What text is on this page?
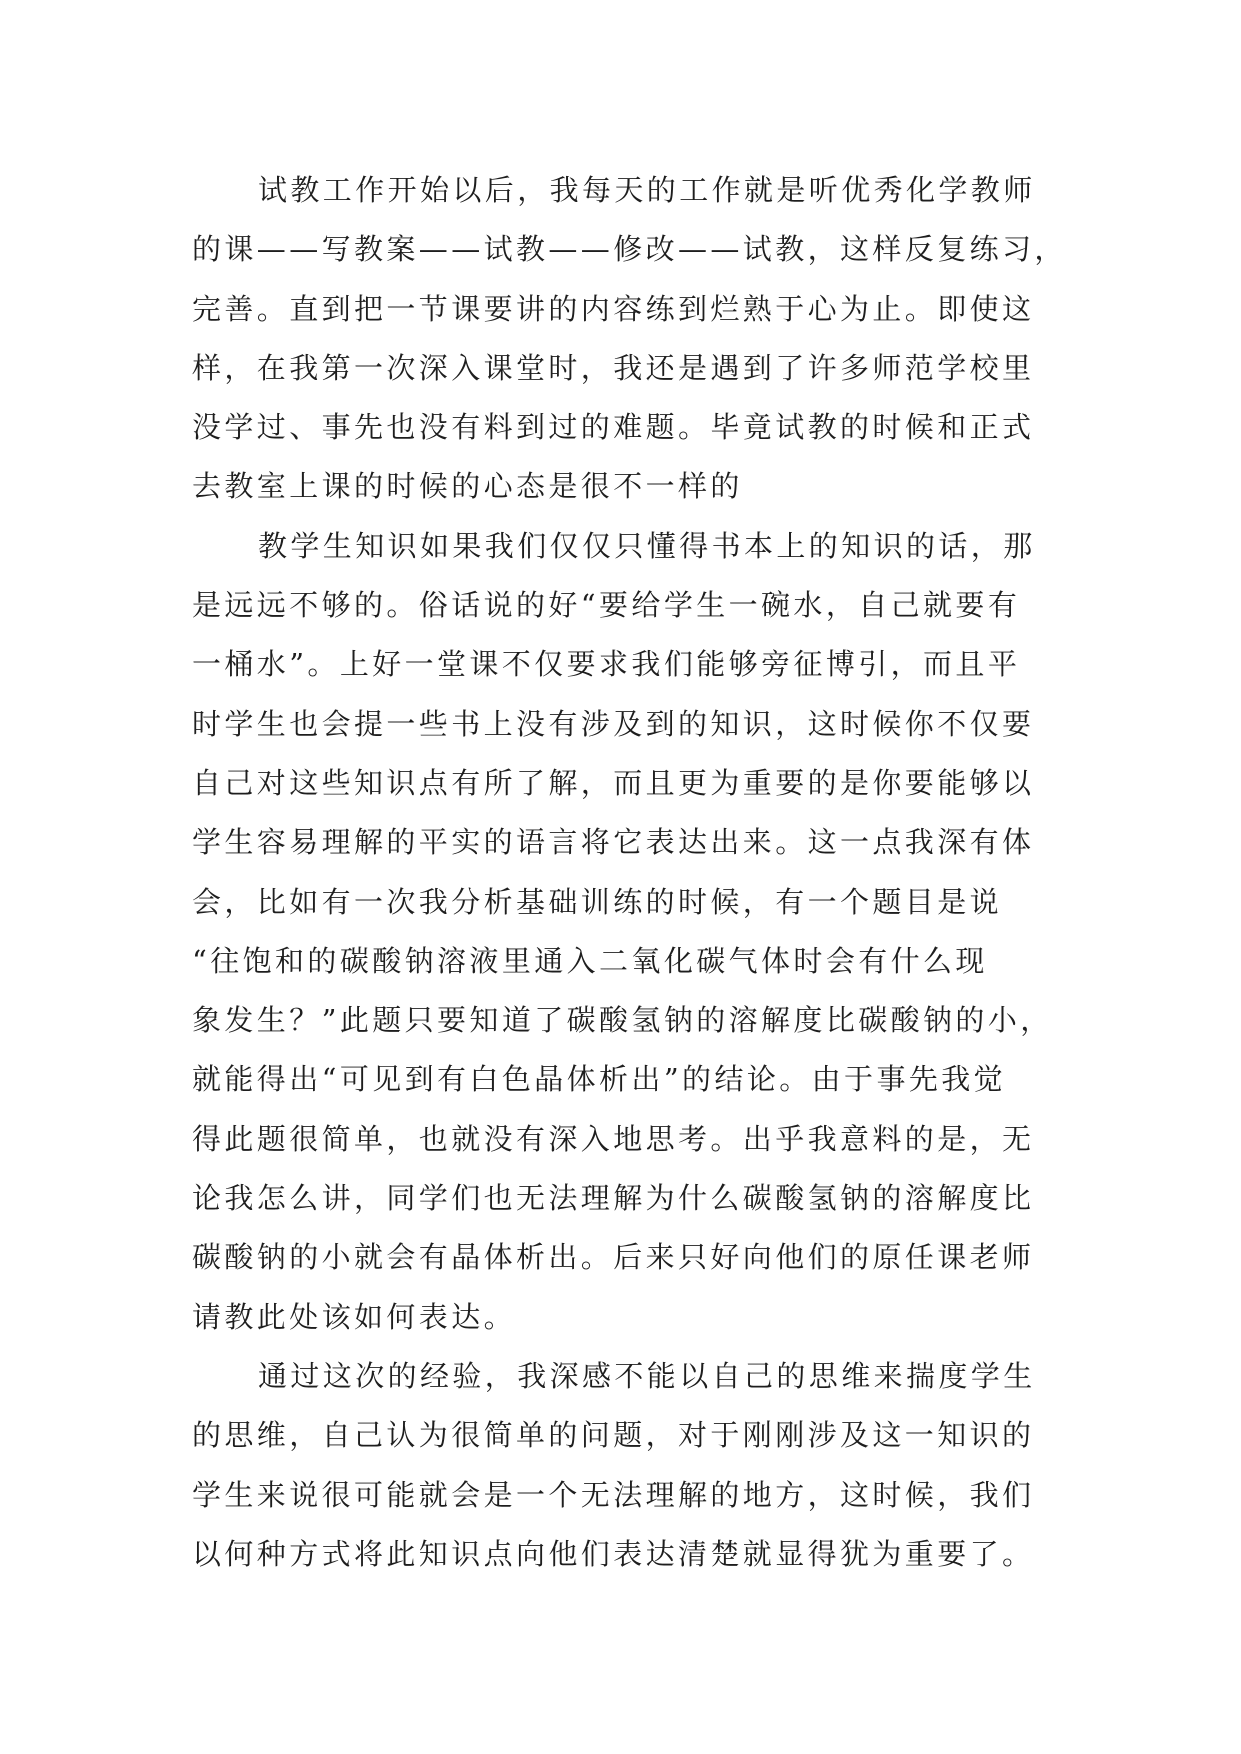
试教工作开始以后，我每天的工作就是听优秀化学教师
的课——写教案——试教——修改——试教，这样反复练习，
完善。直到把一节课要讲的内容练到烂熟于心为止。即使这
样，在我第一次深入课堂时，我还是遇到了许多师范学校里
没学过、事先也没有料到过的难题。毕竟试教的时候和正式
去教室上课的时候的心态是很不一样的
教学生知识如果我们仅仅只懂得书本上的知识的话，那
是远远不够的。俗话说的好“要给学生一碗水，自己就要有
一桶水”。上好一堂课不仅要求我们能够旁征博引，而且平
时学生也会提一些书上没有涉及到的知识，这时候你不仅要
自己对这些知识点有所了解，而且更为重要的是你要能够以
学生容易理解的平实的语言将它表达出来。这一点我深有体
会，比如有一次我分析基础训练的时候，有一个题目是说
“往饱和的碳酸钠溶液里通入二氧化碳气体时会有什么现
象发生？”此题只要知道了碳酸氢钠的溶解度比碳酸钠的小，
就能得出“可见到有白色晶体析出”的结论。由于事先我觉
得此题很简单，也就没有深入地思考。出乎我意料的是，无
论我怎么讲，同学们也无法理解为什么碳酸氢钠的溶解度比
碳酸钠的小就会有晶体析出。后来只好向他们的原任课老师
请教此处该如何表达。
通过这次的经验，我深感不能以自己的思维来揣度学生
的思维，自己认为很简单的问题，对于刚刚涉及这一知识的
学生来说很可能就会是一个无法理解的地方，这时候，我们
以何种方式将此知识点向他们表达清楚就显得犹为重要了。
